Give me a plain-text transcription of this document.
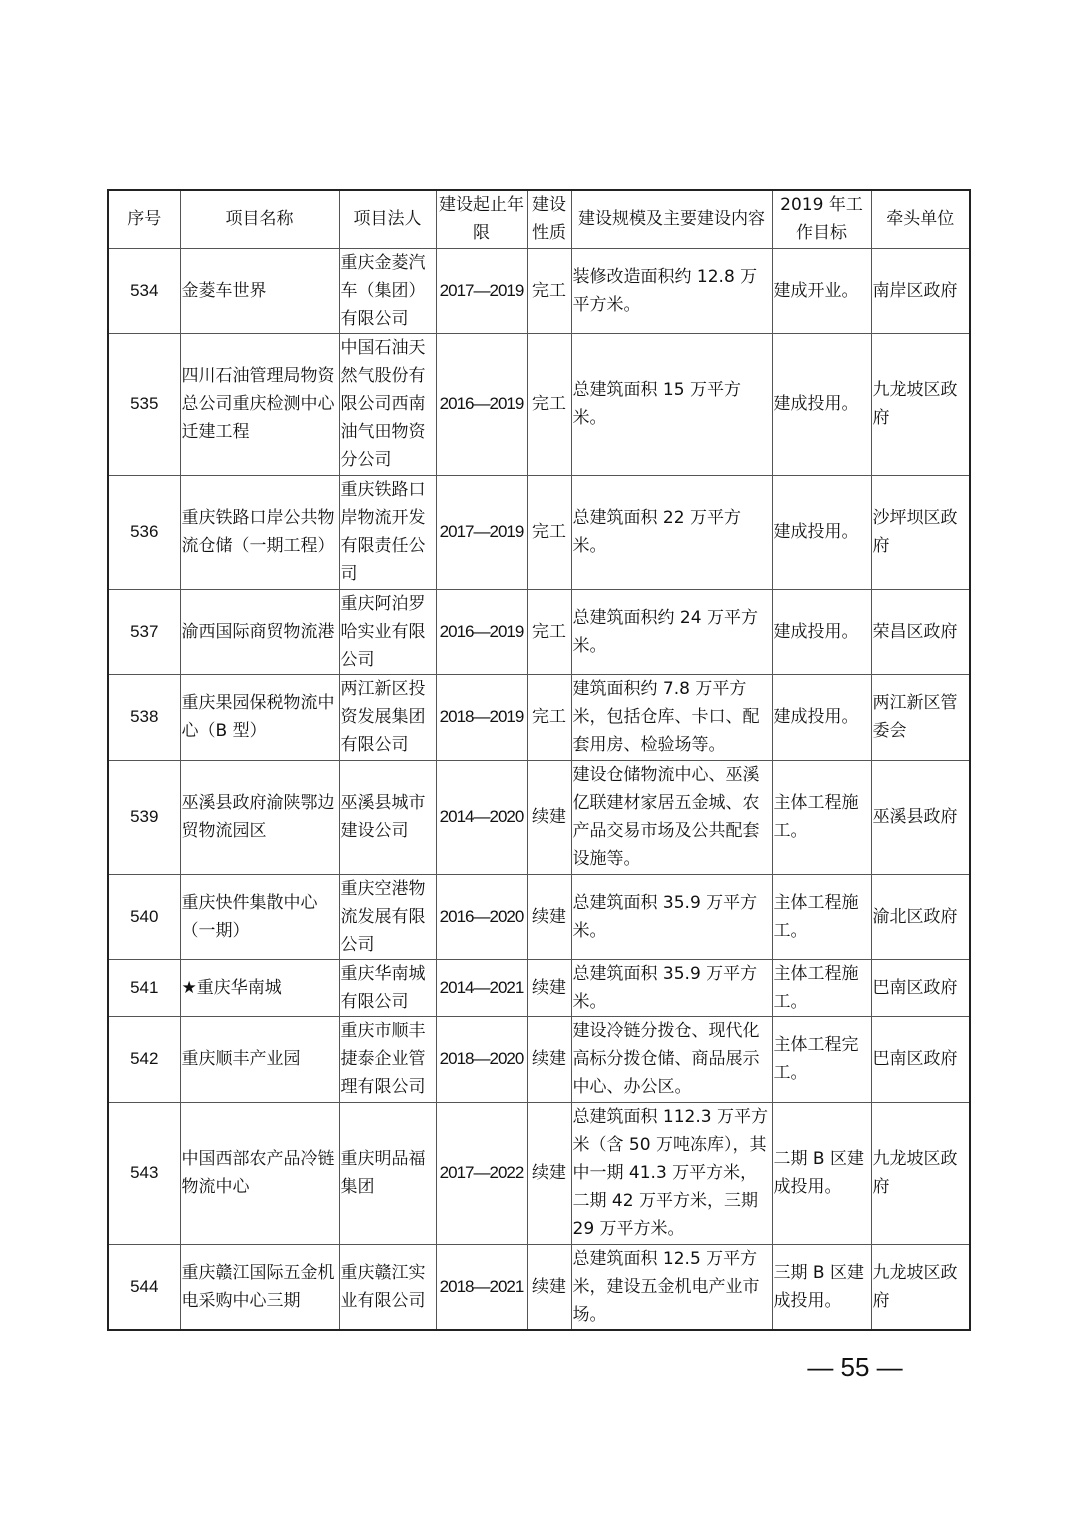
序号	项目名称	项目法人	建设起止年限	建设性质	建设规模及主要建设内容	2019 年工作目标	牵头单位
534	金菱车世界	重庆金菱汽车（集团）有限公司	2017—2019	完工	装修改造面积约 12.8 万平方米。	建成开业。	南岸区政府
535	四川石油管理局物资总公司重庆检测中心迁建工程	中国石油天然气股份有限公司西南油气田物资分公司	2016—2019	完工	总建筑面积 15 万平方米。	建成投用。	九龙坡区政府
536	重庆铁路口岸公共物流仓储（一期工程）	重庆铁路口岸物流开发有限责任公司	2017—2019	完工	总建筑面积 22 万平方米。	建成投用。	沙坪坝区政府
537	渝西国际商贸物流港	重庆阿泊罗哈实业有限公司	2016—2019	完工	总建筑面积约 24 万平方米。	建成投用。	荣昌区政府
538	重庆果园保税物流中心（B 型）	两江新区投资发展集团有限公司	2018—2019	完工	建筑面积约 7.8 万平方米，包括仓库、卡口、配套用房、检验场等。	建成投用。	两江新区管委会
539	巫溪县政府渝陕鄂边贸物流园区	巫溪县城市建设公司	2014—2020	续建	建设仓储物流中心、巫溪亿联建材家居五金城、农产品交易市场及公共配套设施等。	主体工程施工。	巫溪县政府
540	重庆快件集散中心（一期）	重庆空港物流发展有限公司	2016—2020	续建	总建筑面积 35.9 万平方米。	主体工程施工。	渝北区政府
541	★重庆华南城	重庆华南城有限公司	2014—2021	续建	总建筑面积 35.9 万平方米。	主体工程施工。	巴南区政府
542	重庆顺丰产业园	重庆市顺丰捷泰企业管理有限公司	2018—2020	续建	建设冷链分拨仓、现代化高标分拨仓储、商品展示中心、办公区。	主体工程完工。	巴南区政府
543	中国西部农产品冷链物流中心	重庆明品福集团	2017—2022	续建	总建筑面积 112.3 万平方米（含 50 万吨冻库），其中一期 41.3 万平方米，二期 42 万平方米，三期 29 万平方米。	二期 B 区建成投用。	九龙坡区政府
544	重庆赣江国际五金机电采购中心三期	重庆赣江实业有限公司	2018—2021	续建	总建筑面积 12.5 万平方米，建设五金机电产业市场。	三期 B 区建成投用。	九龙坡区政府
— 55 —
